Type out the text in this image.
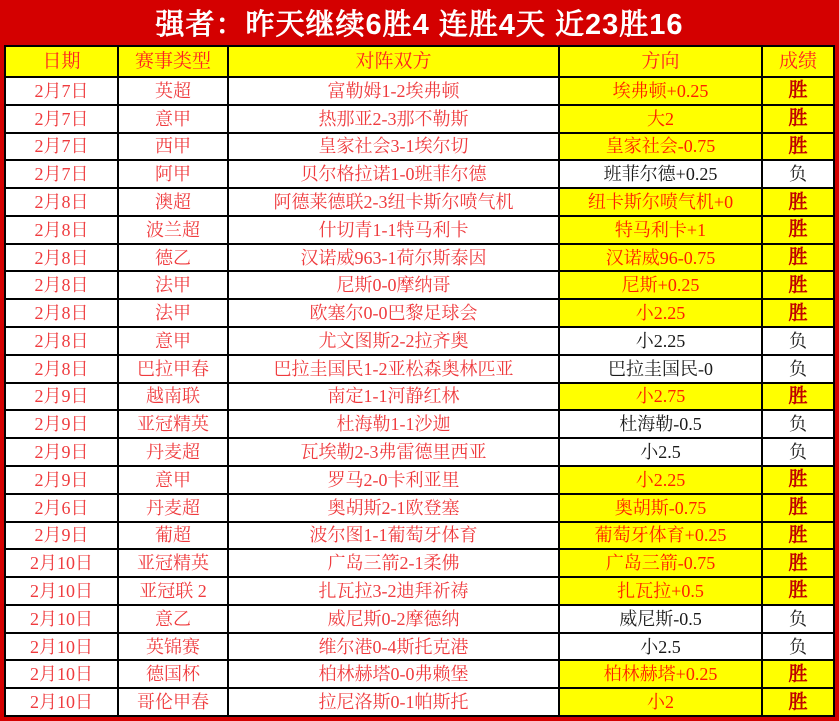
强者：昨天继续6胜4 连胜4天 近23胜16
日期	赛事类型	对阵双方	方向	成绩
2月7日	英超	富勒姆1-2埃弗顿	埃弗顿+0.25	胜
2月7日	意甲	热那亚2-3那不勒斯	大2	胜
2月7日	西甲	皇家社会3-1埃尔切	皇家社会-0.75	胜
2月7日	阿甲	贝尔格拉诺1-0班菲尔德	班菲尔德+0.25	负
2月8日	澳超	阿德莱德联2-3纽卡斯尔喷气机	纽卡斯尔喷气机+0	胜
2月8日	波兰超	什切青1-1特马利卡	特马利卡+1	胜
2月8日	德乙	汉诺威963-1荷尔斯泰因	汉诺威96-0.75	胜
2月8日	法甲	尼斯0-0摩纳哥	尼斯+0.25	胜
2月8日	法甲	欧塞尔0-0巴黎足球会	小2.25	胜
2月8日	意甲	尤文图斯2-2拉齐奥	小2.25	负
2月8日	巴拉甲春	巴拉圭国民1-2亚松森奥林匹亚	巴拉圭国民-0	负
2月9日	越南联	南定1-1河静红林	小2.75	胜
2月9日	亚冠精英	杜海勒1-1沙迦	杜海勒-0.5	负
2月9日	丹麦超	瓦埃勒2-3弗雷德里西亚	小2.5	负
2月9日	意甲	罗马2-0卡利亚里	小2.25	胜
2月6日	丹麦超	奥胡斯2-1欧登塞	奥胡斯-0.75	胜
2月9日	葡超	波尔图1-1葡萄牙体育	葡萄牙体育+0.25	胜
2月10日	亚冠精英	广岛三箭2-1柔佛	广岛三箭-0.75	胜
2月10日	亚冠联 2	扎瓦拉3-2迪拜祈祷	扎瓦拉+0.5	胜
2月10日	意乙	威尼斯0-2摩德纳	威尼斯-0.5	负
2月10日	英锦赛	维尔港0-4斯托克港	小2.5	负
2月10日	德国杯	柏林赫塔0-0弗赖堡	柏林赫塔+0.25	胜
2月10日	哥伦甲春	拉尼洛斯0-1帕斯托	小2	胜
